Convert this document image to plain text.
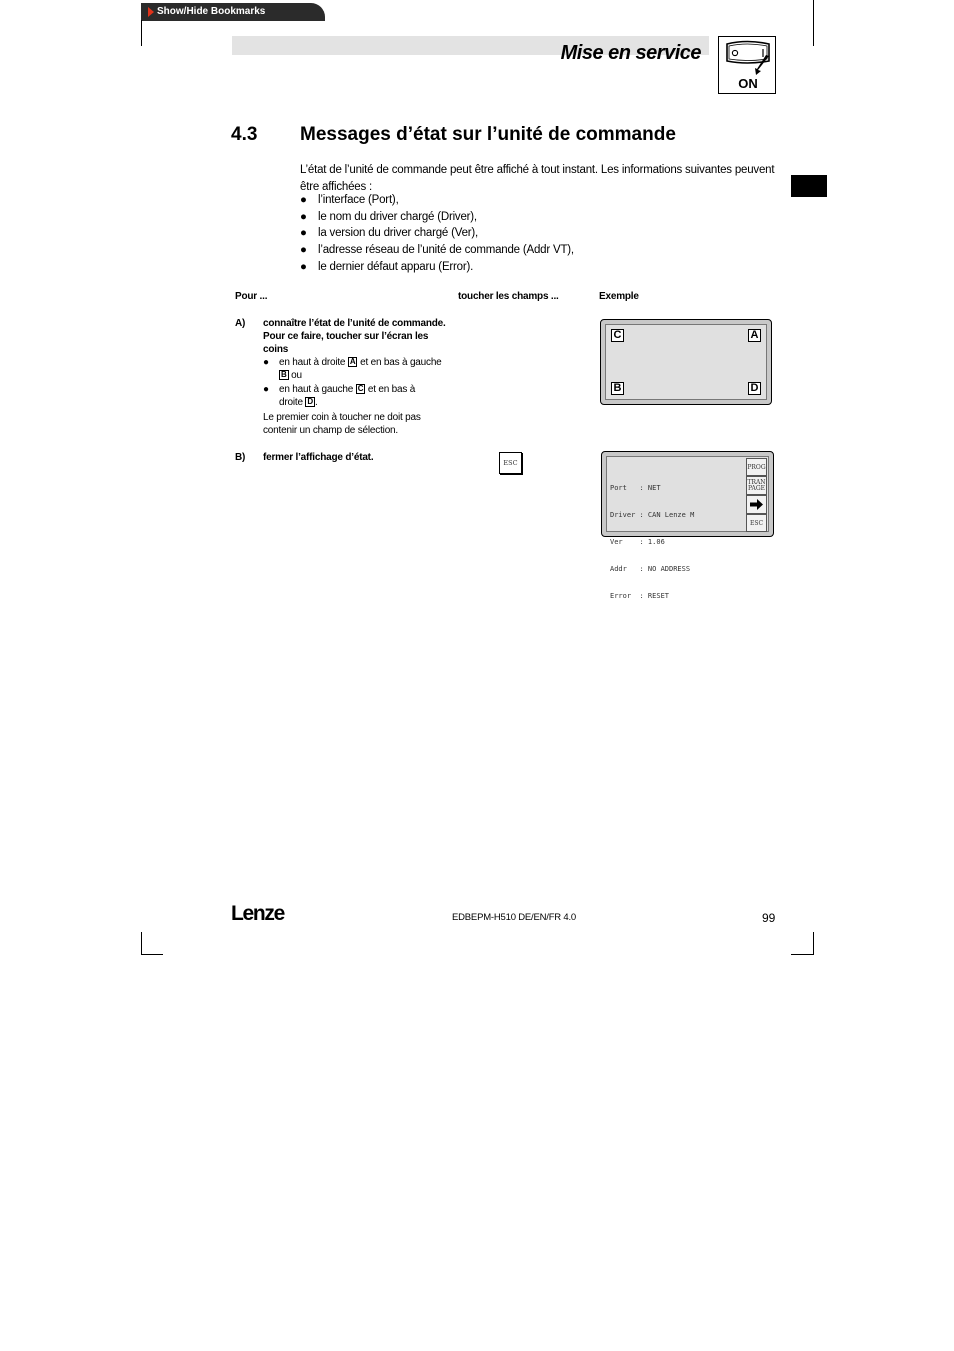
Show/Hide Bookmarks
Mise en service
ON
4.3 Messages d’état sur l’unité de commande
L’état de l’unité de commande peut être affiché à tout instant. Les informations suivantes peuvent être affichées :
● l’interface (Port),
● le nom du driver chargé (Driver),
● la version du driver chargé (Ver),
● l’adresse réseau de l’unité de commande (Addr VT),
● le dernier défaut apparu (Error).
Pour ...	toucher les champs ...	Exemple
A) connaître l’état de l’unité de commande.
Pour ce faire, toucher sur l’écran les
coins
● en haut à droite A et en bas à gauche
B ou
● en haut à gauche C et en bas à
droite D .
Le premier coin à toucher ne doit pas
contenir un champ de sélection.
C	A
B	D
B) fermer l’affichage d’état.	ESC

Port   : NET

Driver : CAN Lenze M

Ver    : 1.06

Addr   : NO ADDRESS

Error  : RESET

PROG
TRAN
PAGE
ESC
Lenze	EDBEPM-H510 DE/EN/FR 4.0	99
